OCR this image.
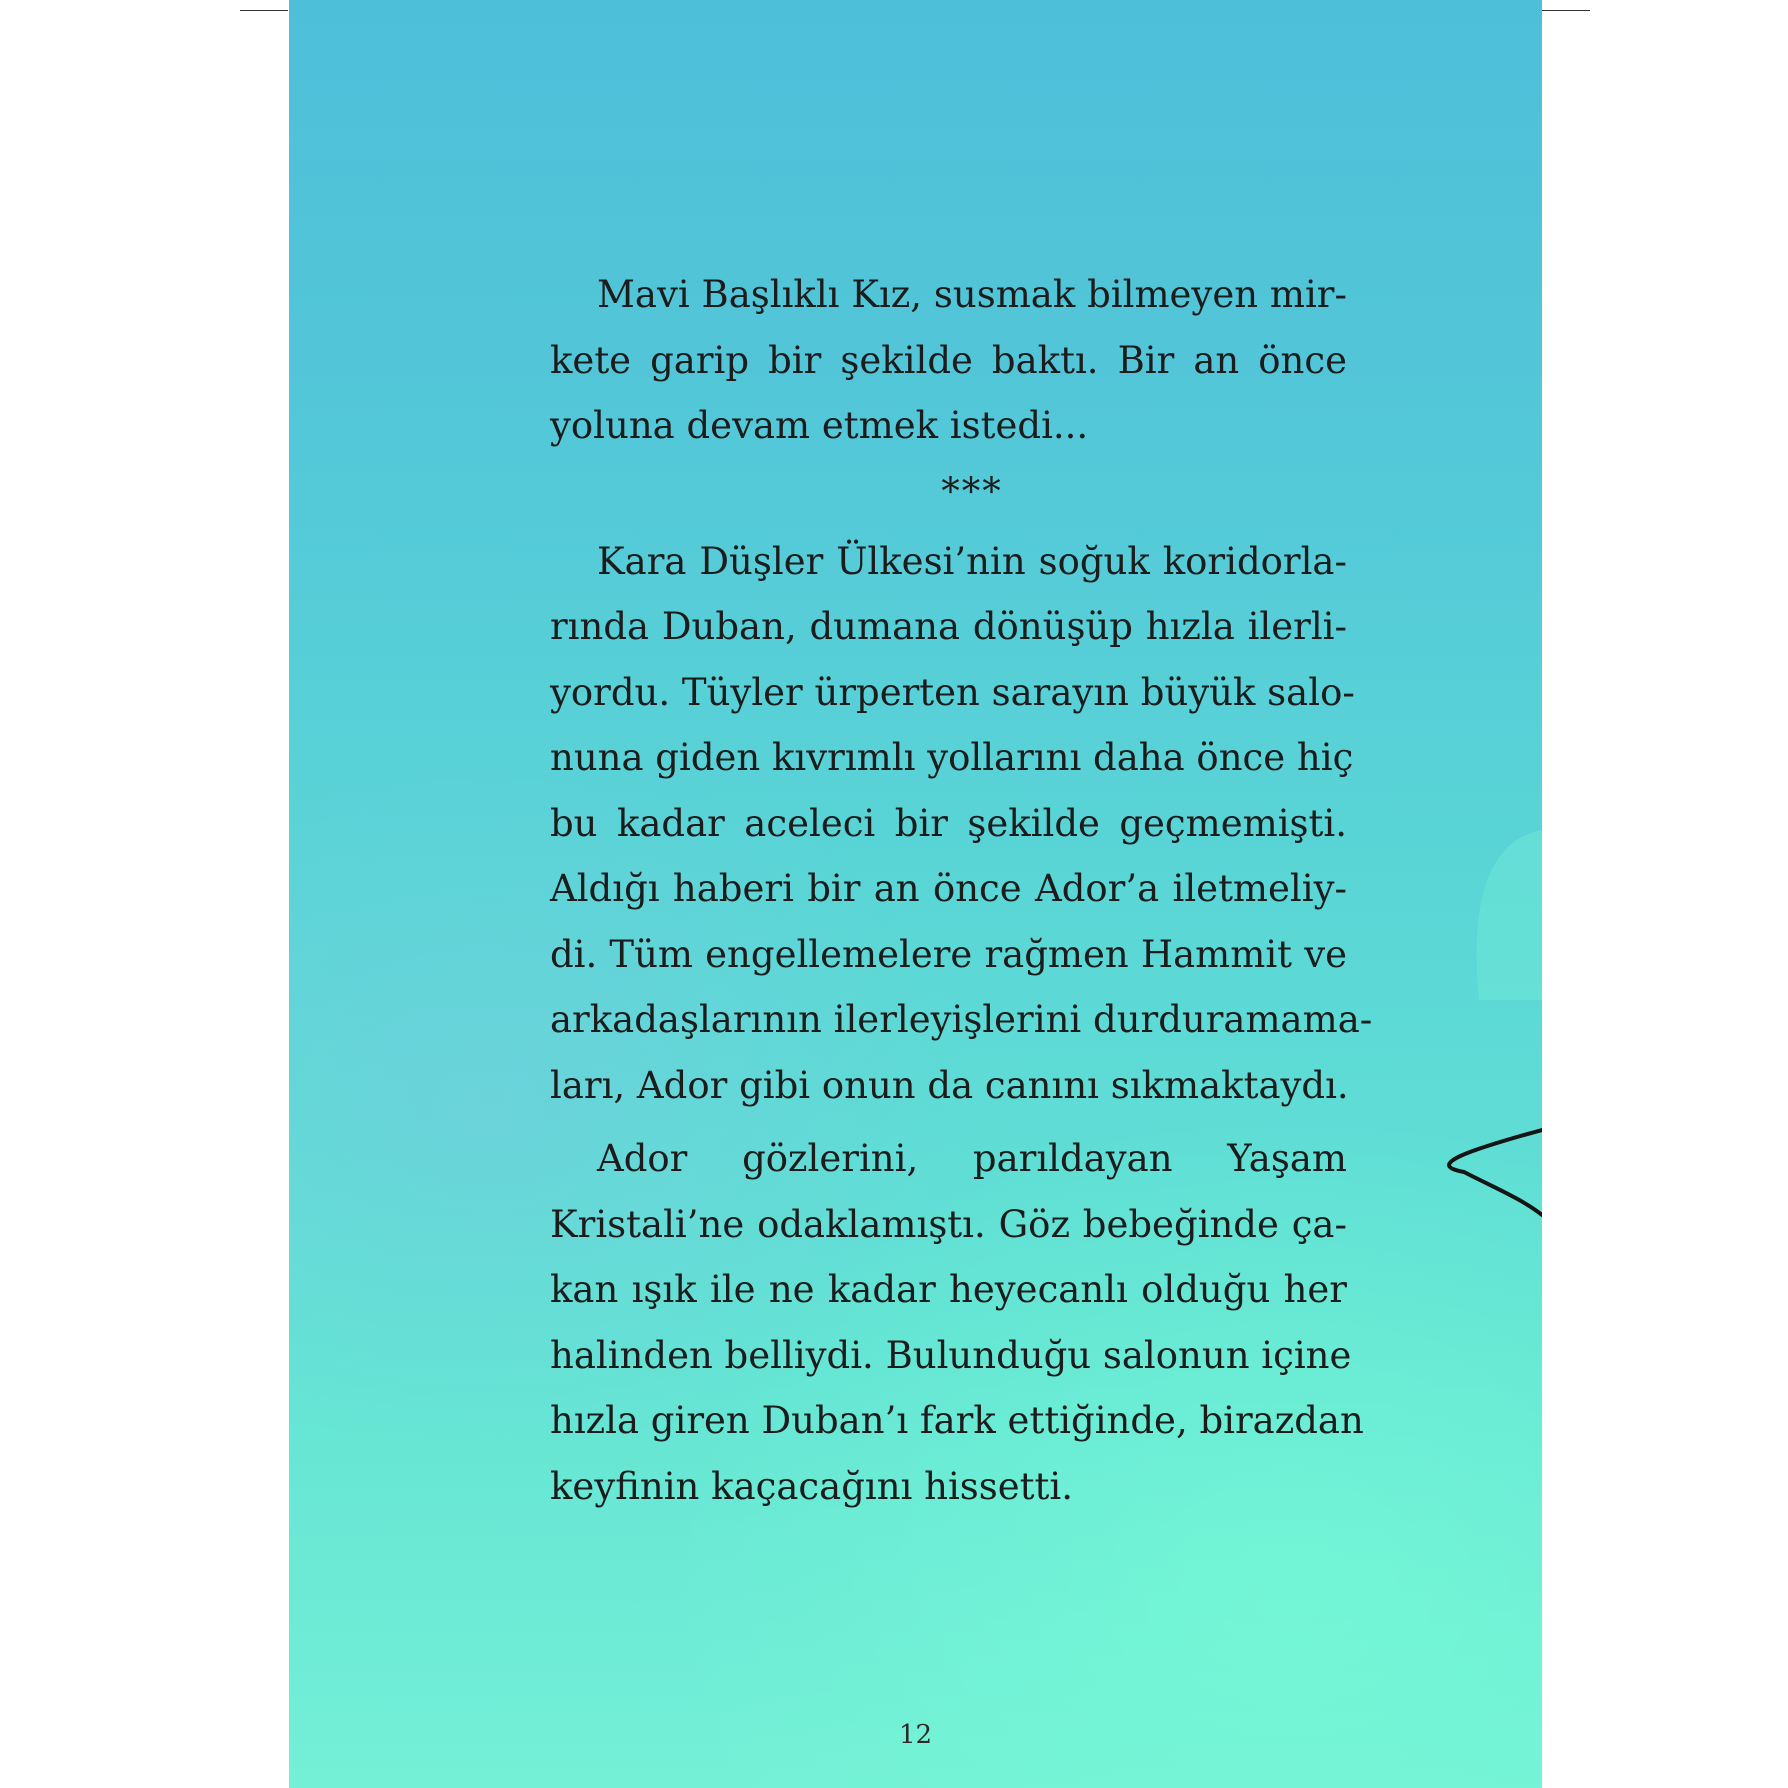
Mavi Başlıklı Kız, susmak bilmeyen mir-
kete garip bir şekilde baktı. Bir an önce
yoluna devam etmek istedi...

***

Kara Düşler Ülkesi’nin soğuk koridorla-
rında Duban, dumana dönüşüp hızla ilerli-
yordu. Tüyler ürperten sarayın büyük salo-
nuna giden kıvrımlı yollarını daha önce hiç
bu kadar aceleci bir şekilde geçmemişti.
Aldığı haberi bir an önce Ador’a iletmeliy-
di. Tüm engellemelere rağmen Hammit ve
arkadaşlarının ilerleyişlerini durduramama-
ları, Ador gibi onun da canını sıkmaktaydı.

Ador gözlerini, parıldayan Yaşam
Kristali’ne odaklamıştı. Göz bebeğinde ça-
kan ışık ile ne kadar heyecanlı olduğu her
halinden belliydi. Bulunduğu salonun içine
hızla giren Duban’ı fark ettiğinde, birazdan
keyfinin kaçacağını hissetti.

12
